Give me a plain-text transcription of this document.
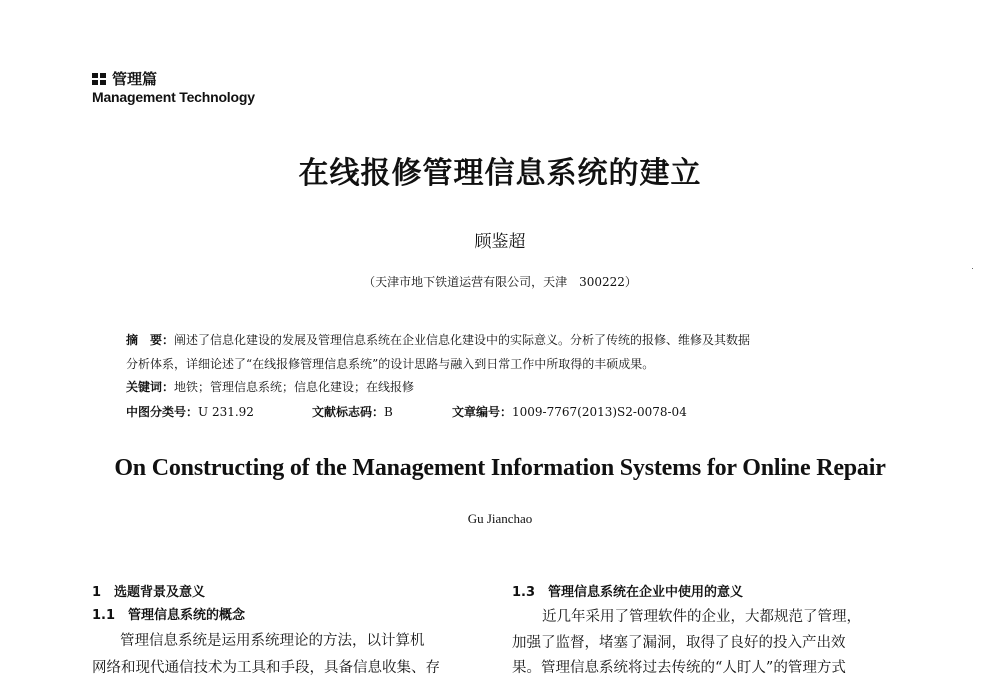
管理篇
Management Technology
在线报修管理信息系统的建立
顾鉴超
（天津市地下铁道运营有限公司，天津　300222）
摘　要：阐述了信息化建设的发展及管理信息系统在企业信息化建设中的实际意义。分析了传统的报修、维修及其数据
分析体系，详细论述了“在线报修管理信息系统”的设计思路与融入到日常工作中所取得的丰硕成果。
关键词：地铁；管理信息系统；信息化建设；在线报修
中图分类号：U 231.92	文献标志码：B	文章编号：1009-7767(2013)S2-0078-04
On Constructing of the Management Information Systems for Online Repair
Gu Jianchao
1　选题背景及意义
1.1　管理信息系统的概念
管理信息系统是运用系统理论的方法，以计算机
网络和现代通信技术为工具和手段，具备信息收集、存
1.3　管理信息系统在企业中使用的意义
近几年采用了管理软件的企业，大都规范了管理，
加强了监督，堵塞了漏洞，取得了良好的投入产出效
果。管理信息系统将过去传统的“人盯人”的管理方式
